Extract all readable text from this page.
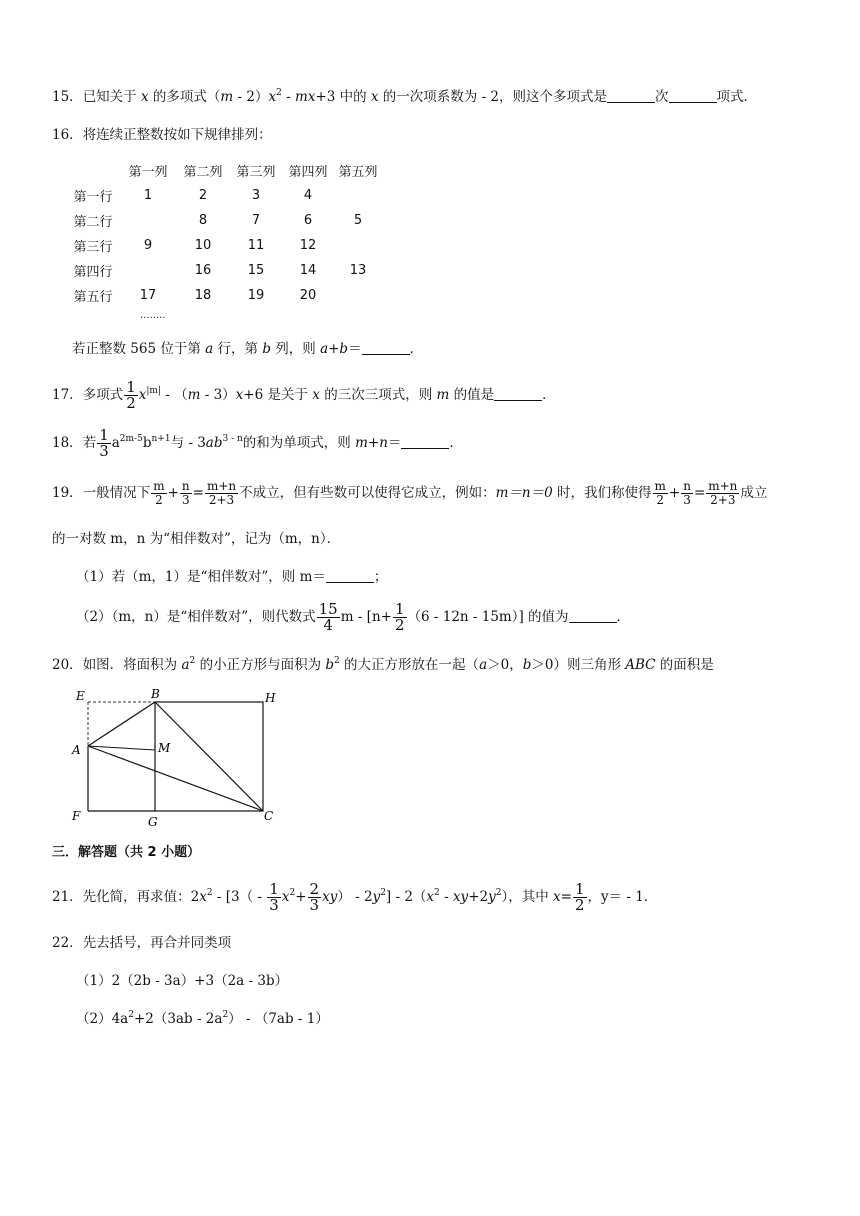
15．已知关于 x 的多项式$(m - 2)x^2 - mx+3$ 中的 x 的一次项系数为 - 2，则这个多项式是	次	项式．
16．将连续正整数按如下规律排列：
	第一列	第二列	第三列	第四列	第五列
第一行	1	2	3	4	
第二行		8	7	6	5
第三行	9	10	11	12	
第四行		16	15	14	13
第五行	17	18	19	20	
........
若正整数 565 位于第 a 行，第 b 列，则 a+b＝	．
17．多项式 $\frac{1}{2} x^{|m|} - (m - 3)x+6$ 是关于 x 的三次三项式，则 m 的值是	．
18．若 $\frac{1}{3} a^{2m-5}b^{n+1}$与 - $3ab^{3 - n}$的和为单项式，则 m+n＝	．
19．一般情况下 $\frac{m}{2} + \frac{n}{3} = \frac{m+n}{2+3}$ 不成立，但有些数可以使得它成立，例如：m＝n＝0 时，我们称使得 $\frac{m}{2} + \frac{n}{3} = \frac{m+n}{2+3}$ 成立
的一对数 m，n 为“相伴数对”，记为（m，n）．
（1）若（m，1）是“相伴数对”，则 m＝	；
（2）（m，n）是“相伴数对”，则代数式 $\frac{15}{4}$ $m - [n+ \frac{1}{2} (6 - 12n - 15m)]$ 的值为	．
20．如图．将面积为 $a^2$ 的小正方形与面积为 $b^2$ 的大正方形放在一起（a＞0，b＞0）则三角形 ABC 的面积是
E	B	H
A	M
F	G	C
三．解答题（共 2 小题）
21．先化简，再求值：$2x^2 - [3( - \frac{1}{3} x^2+ \frac{2}{3} xy) - 2y^2] - 2(x^2 - xy+2y^2)$，其中 $x= \frac{1}{2}$ ，y＝ - 1．
22．先去括号，再合并同类项
（1）2（2b - 3a）+3（2a - 3b）
$(2)4a^2+2(3ab - 2a^2) - (7ab - 1)$
